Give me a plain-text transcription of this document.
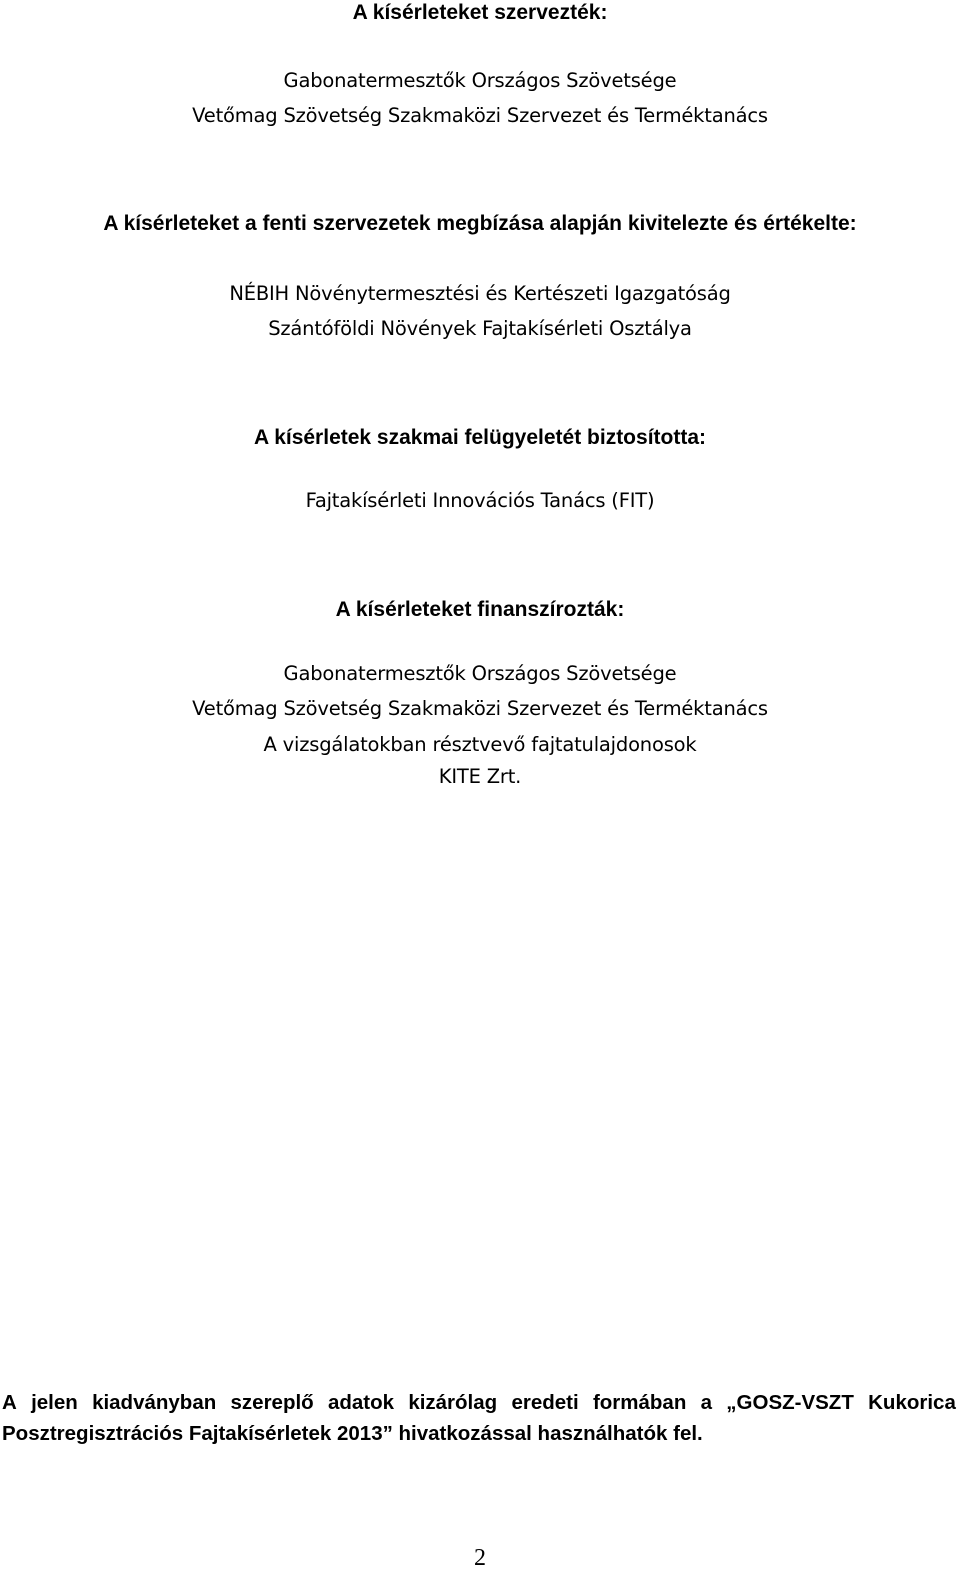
A kísérleteket szervezték:
Gabonatermesztők Országos Szövetsége
Vetőmag Szövetség Szakmaközi Szervezet és Terméktanács
A kísérleteket a fenti szervezetek megbízása alapján kivitelezte és értékelte:
NÉBIH Növénytermesztési és Kertészeti Igazgatóság
Szántóföldi Növények Fajtakísérleti Osztálya
A kísérletek szakmai felügyeletét biztosította:
Fajtakísérleti Innovációs Tanács (FIT)
A kísérleteket finanszírozták:
Gabonatermesztők Országos Szövetsége
Vetőmag Szövetség Szakmaközi Szervezet és Terméktanács
A vizsgálatokban résztvevő fajtatulajdonosok
KITE Zrt.
A jelen kiadványban szereplő adatok kizárólag eredeti formában a „GOSZ-VSZT Kukorica
Posztregisztrációs Fajtakísérletek 2013” hivatkozással használhatók fel.
2
